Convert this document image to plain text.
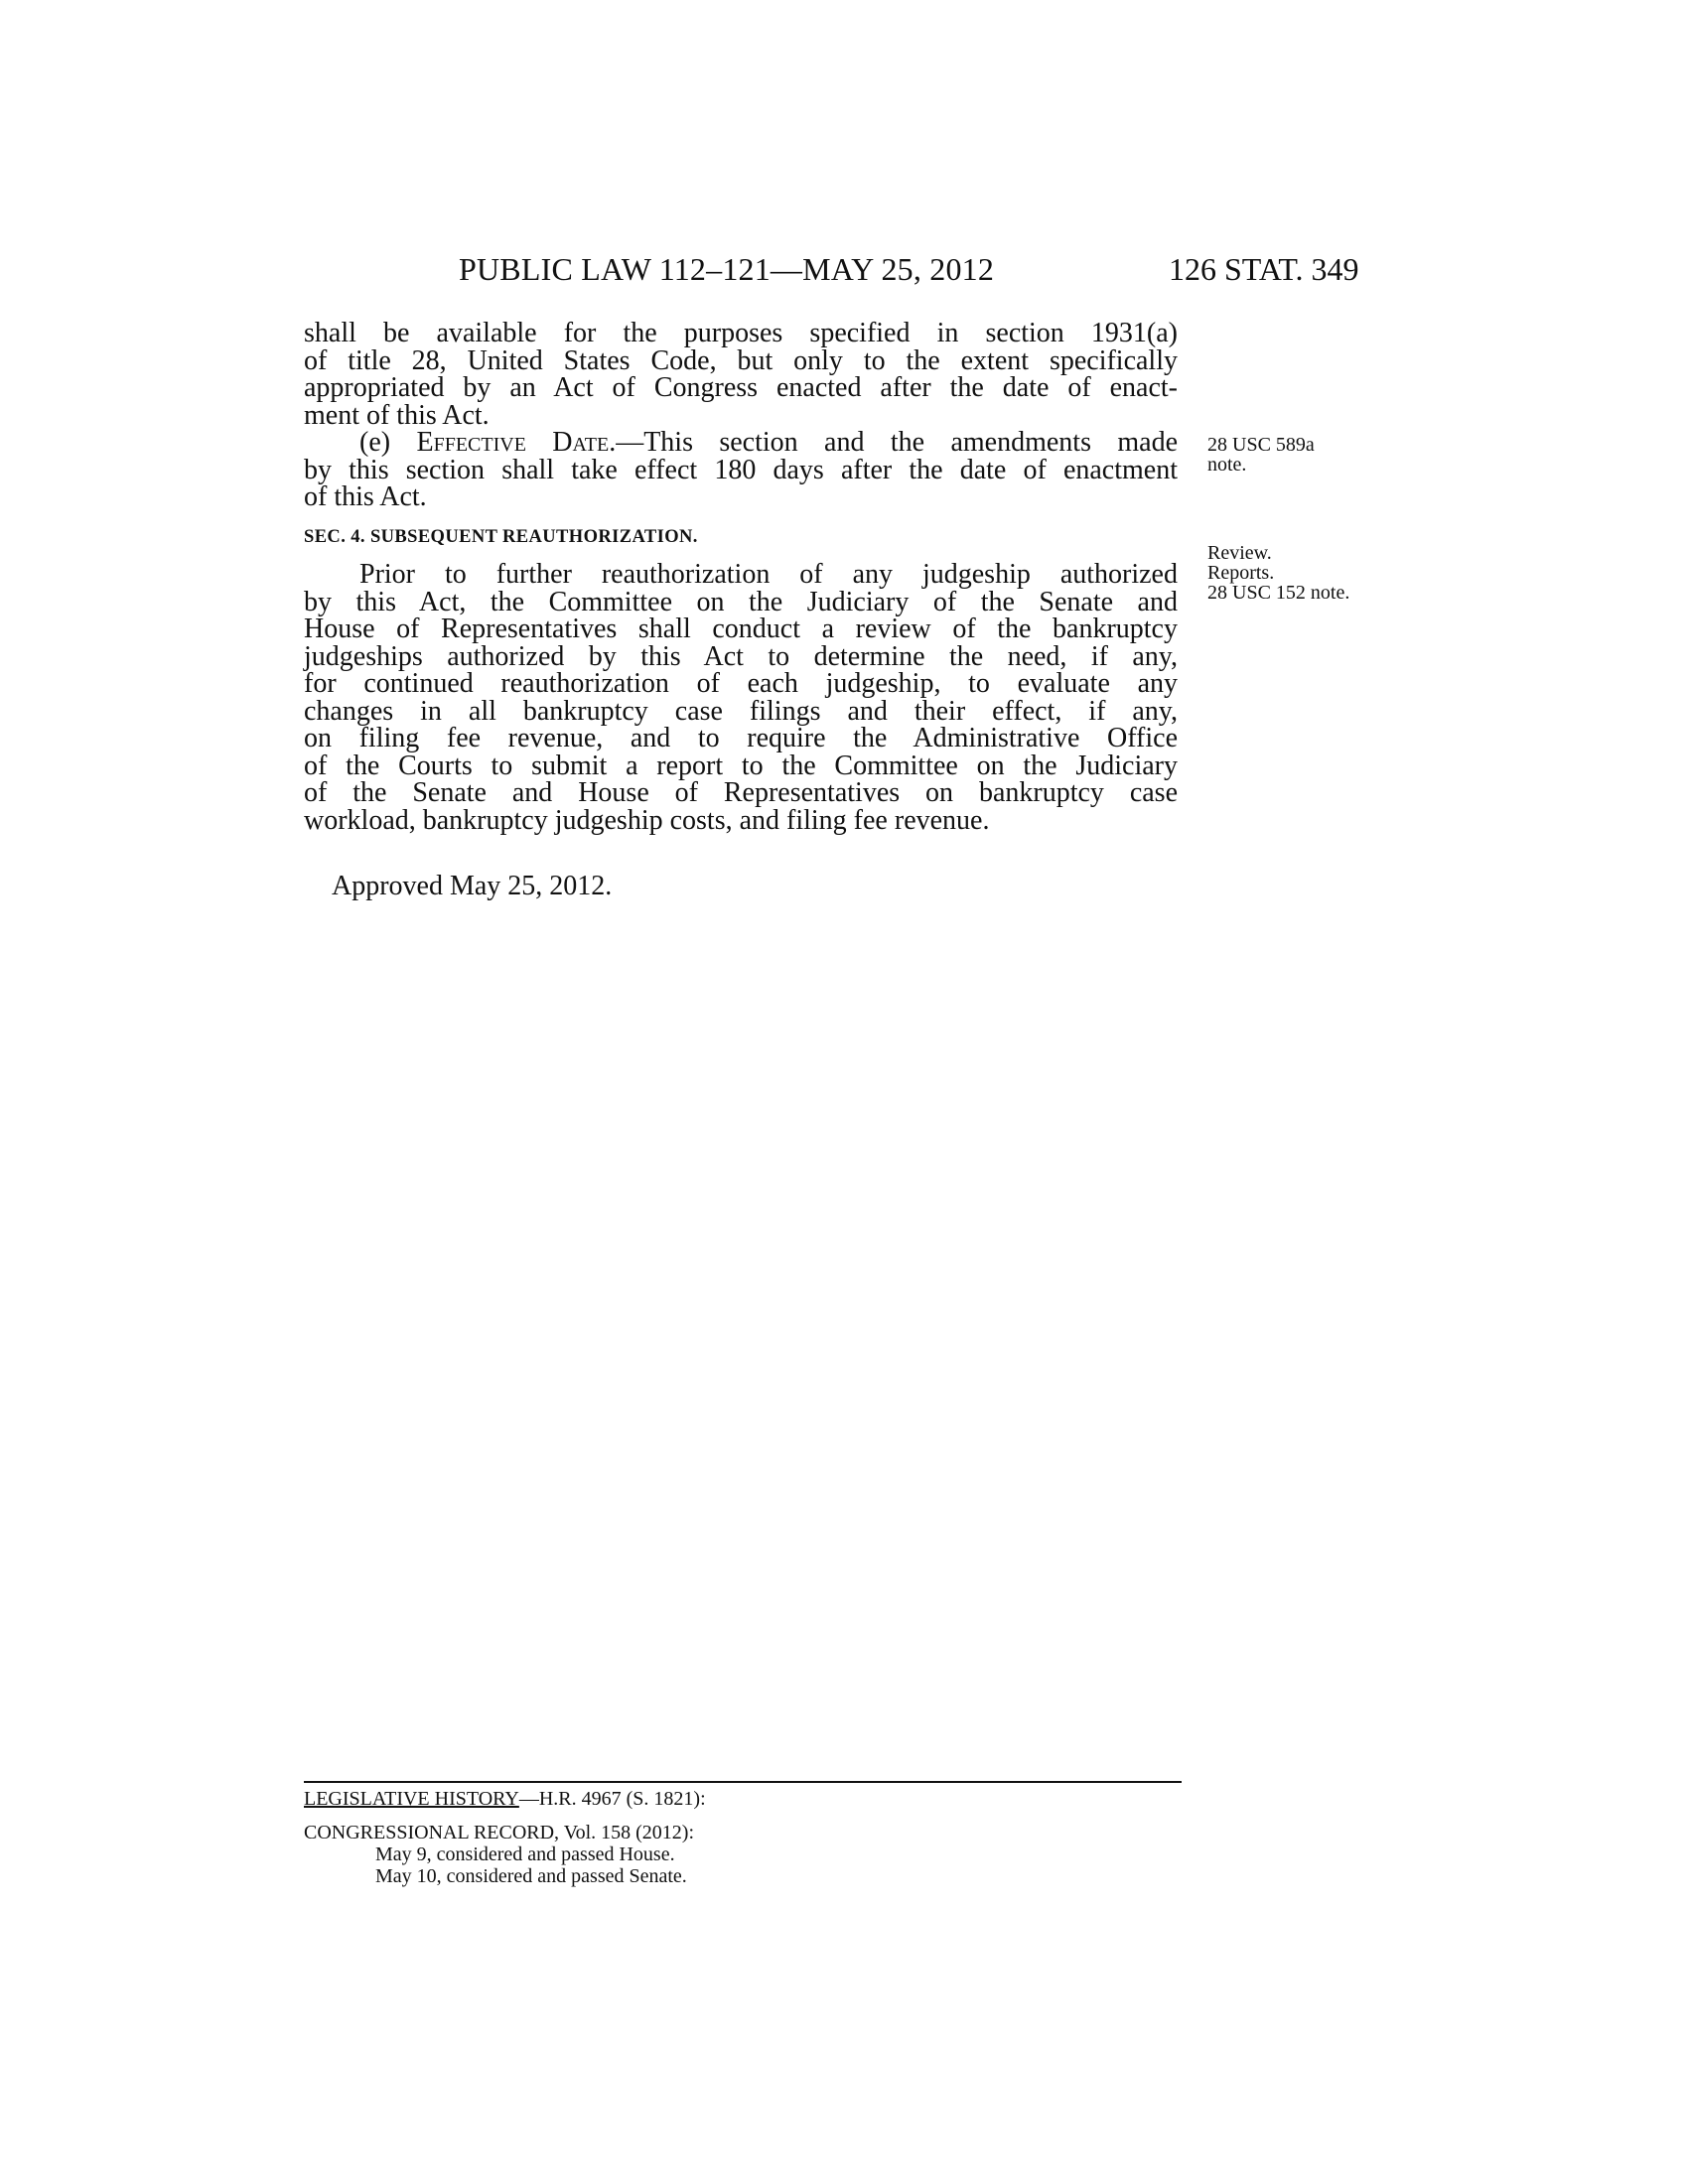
PUBLIC LAW 112–121—MAY 25, 2012	126 STAT. 349
shall be available for the purposes specified in section 1931(a)
of title 28, United States Code, but only to the extent specifically
appropriated by an Act of Congress enacted after the date of enact-
ment of this Act.
(e) Effective Date.—This section and the amendments made
by this section shall take effect 180 days after the date of enactment
of this Act.
SEC. 4. SUBSEQUENT REAUTHORIZATION.
Prior to further reauthorization of any judgeship authorized
by this Act, the Committee on the Judiciary of the Senate and
House of Representatives shall conduct a review of the bankruptcy
judgeships authorized by this Act to determine the need, if any,
for continued reauthorization of each judgeship, to evaluate any
changes in all bankruptcy case filings and their effect, if any,
on filing fee revenue, and to require the Administrative Office
of the Courts to submit a report to the Committee on the Judiciary
of the Senate and House of Representatives on bankruptcy case
workload, bankruptcy judgeship costs, and filing fee revenue.
Approved May 25, 2012.
28 USC 589a
note.
Review.
Reports.
28 USC 152 note.
LEGISLATIVE HISTORY—H.R. 4967 (S. 1821):
CONGRESSIONAL RECORD, Vol. 158 (2012):
May 9, considered and passed House.
May 10, considered and passed Senate.
